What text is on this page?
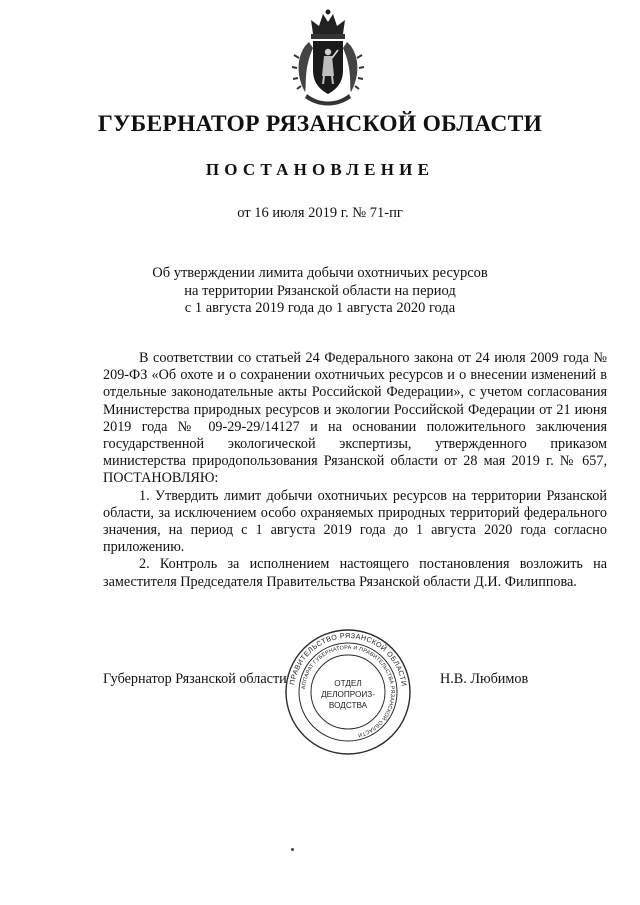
ГУБЕРНАТОР РЯЗАНСКОЙ ОБЛАСТИ
ПОСТАНОВЛЕНИЕ
от 16 июля 2019 г. № 71-пг
Об утверждении лимита добычи охотничьих ресурсов
на территории Рязанской области на период
с 1 августа 2019 года до 1 августа 2020 года

В соответствии со статьей 24 Федерального закона от 24 июля 2009 года № 209-ФЗ «Об охоте и о сохранении охотничьих ресурсов и о внесении изменений в отдельные законодательные акты Российской Федерации», с учетом согласования Министерства природных ресурсов и экологии Российской Федерации от 21 июня 2019 года № 09-29-29/14127 и на основании положительного заключения государственной экологической экспертизы, утвержденного приказом министерства природопользования Рязанской области от 28 мая 2019 г. № 657, ПОСТАНОВЛЯЮ:

1. Утвердить лимит добычи охотничьих ресурсов на территории Рязанской области, за исключением особо охраняемых природных территорий федерального значения, на период с 1 августа 2019 года до 1 августа 2020 года согласно приложению.

2. Контроль за исполнением настоящего постановления возложить на заместителя Председателя Правительства Рязанской области Д.И. Филиппова.

Губернатор Рязанской области	Н.В. Любимов
ПРАВИТЕЛЬСТВО РЯЗАНСКОЙ ОБЛАСТИ
АППАРАТ ГУБЕРНАТОРА И ПРАВИТЕЛЬСТВА РЯЗАНСКОЙ ОБЛАСТИ
ОТДЕЛ
ДЕЛОПРОИЗ-
ВОДСТВА
